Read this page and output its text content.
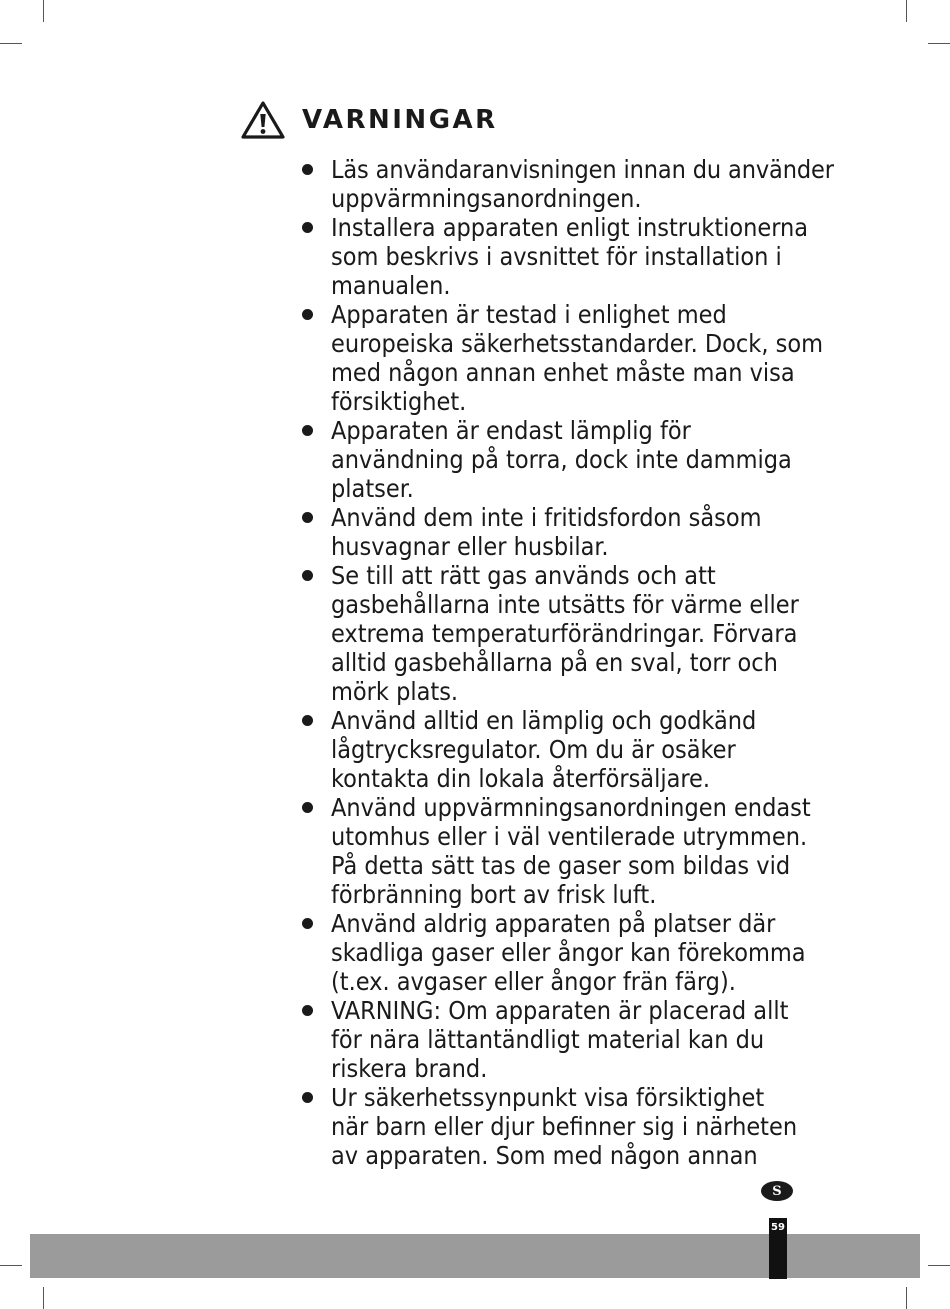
VARNINGAR
Läs användaranvisningen innan du använder
uppvärmningsanordningen.
Installera apparaten enligt instruktionerna
som beskrivs i avsnittet för installation i
manualen.
Apparaten är testad i enlighet med
europeiska säkerhetsstandarder. Dock, som
med någon annan enhet måste man visa
försiktighet.
Apparaten är endast lämplig för
användning på torra, dock inte dammiga
platser.
Använd dem inte i fritidsfordon såsom
husvagnar eller husbilar.
Se till att rätt gas används och att
gasbehållarna inte utsätts för värme eller
extrema temperaturförändringar. Förvara
alltid gasbehållarna på en sval, torr och
mörk plats.
Använd alltid en lämplig och godkänd
lågtrycksregulator. Om du är osäker
kontakta din lokala återförsäljare.
Använd uppvärmningsanordningen endast
utomhus eller i väl ventilerade utrymmen.
På detta sätt tas de gaser som bildas vid
förbränning bort av frisk luft.
Använd aldrig apparaten på platser där
skadliga gaser eller ångor kan förekomma
(t.ex. avgaser eller ångor frän färg).
VARNING: Om apparaten är placerad allt
för nära lättantändligt material kan du
riskera brand.
Ur säkerhetssynpunkt visa försiktighet
när barn eller djur befinner sig i närheten
av apparaten. Som med någon annan
S
59
